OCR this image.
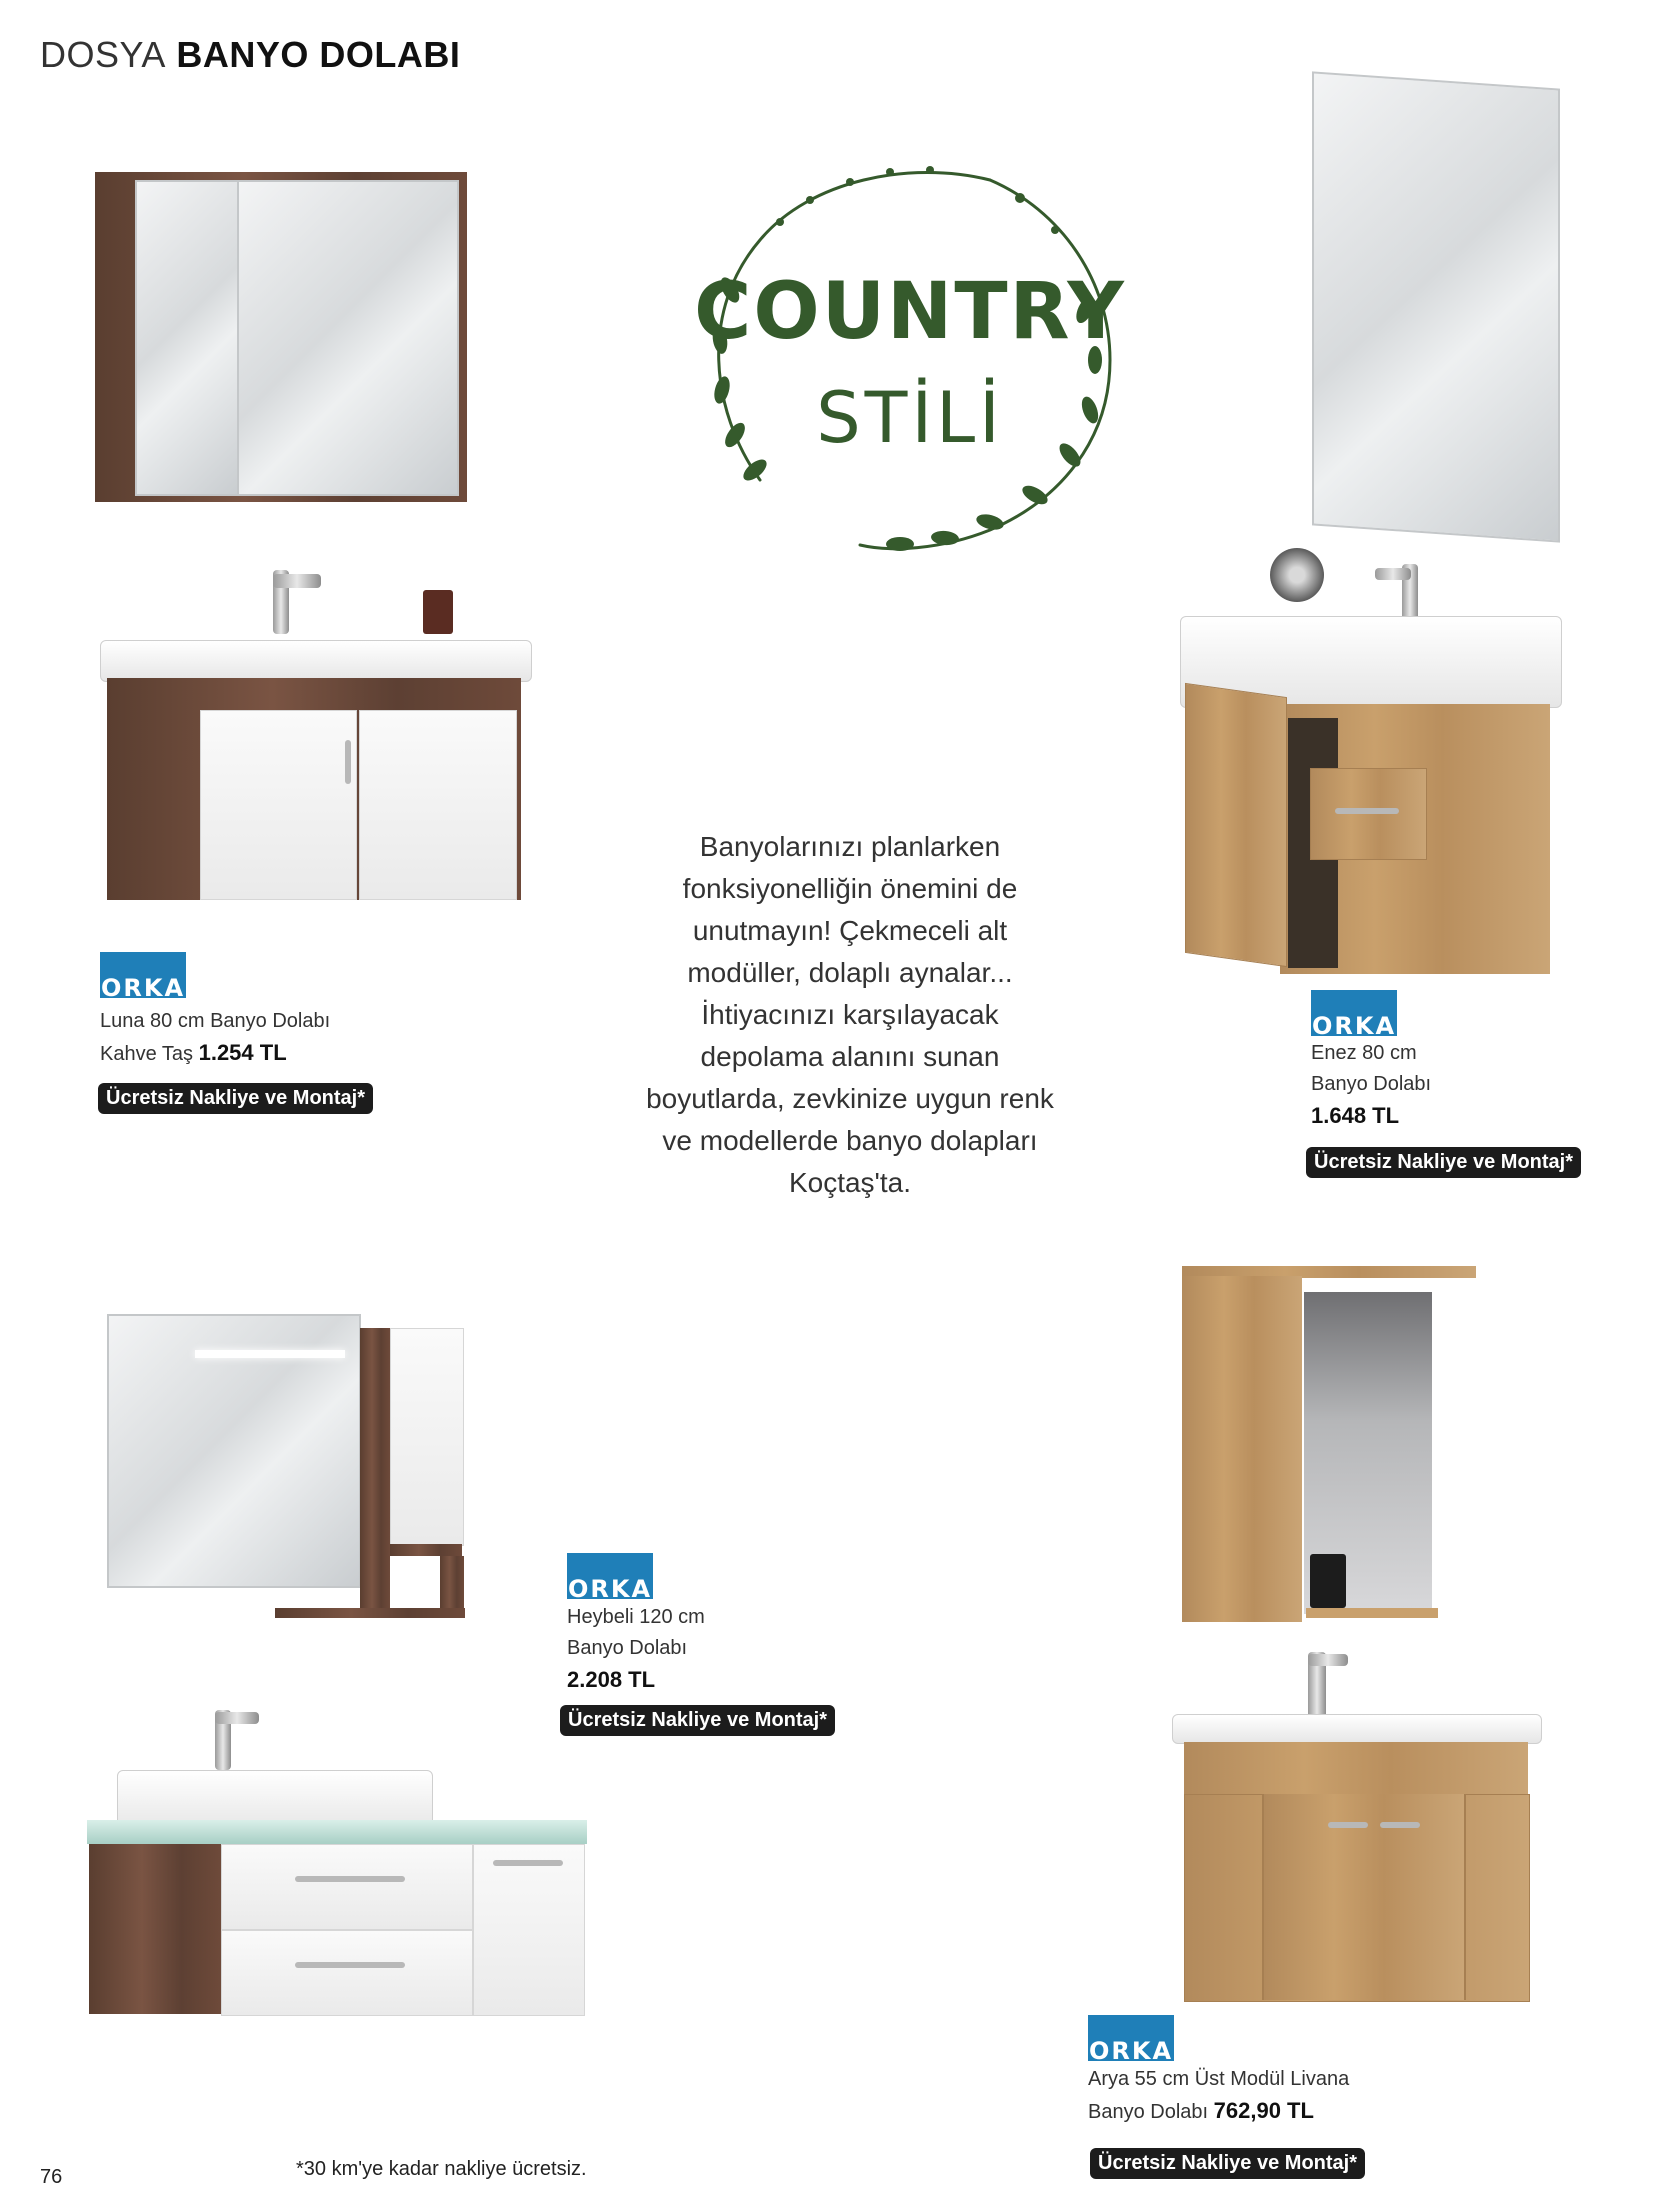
DOSYA BANYO DOLABI
ORKA
Luna 80 cm Banyo Dolabı
Kahve Taş 1.254 TL
Ücretsiz Nakliye ve Montaj*
COUNTRY
STİLİ
ORKA
Enez 80 cm
Banyo Dolabı
1.648 TL
Ücretsiz Nakliye ve Montaj*
Banyolarınızı planlarken fonksiyonelliğin önemini de unutmayın! Çekmeceli alt modüller, dolaplı aynalar... İhtiyacınızı karşılayacak depolama alanını sunan boyutlarda, zevkinize uygun renk ve modellerde banyo dolapları Koçtaş'ta.
ORKA
Heybeli 120 cm
Banyo Dolabı
2.208 TL
Ücretsiz Nakliye ve Montaj*
ORKA
Arya 55 cm Üst Modül Livana
Banyo Dolabı 762,90 TL
Ücretsiz Nakliye ve Montaj*
*30 km'ye kadar nakliye ücretsiz.
76
